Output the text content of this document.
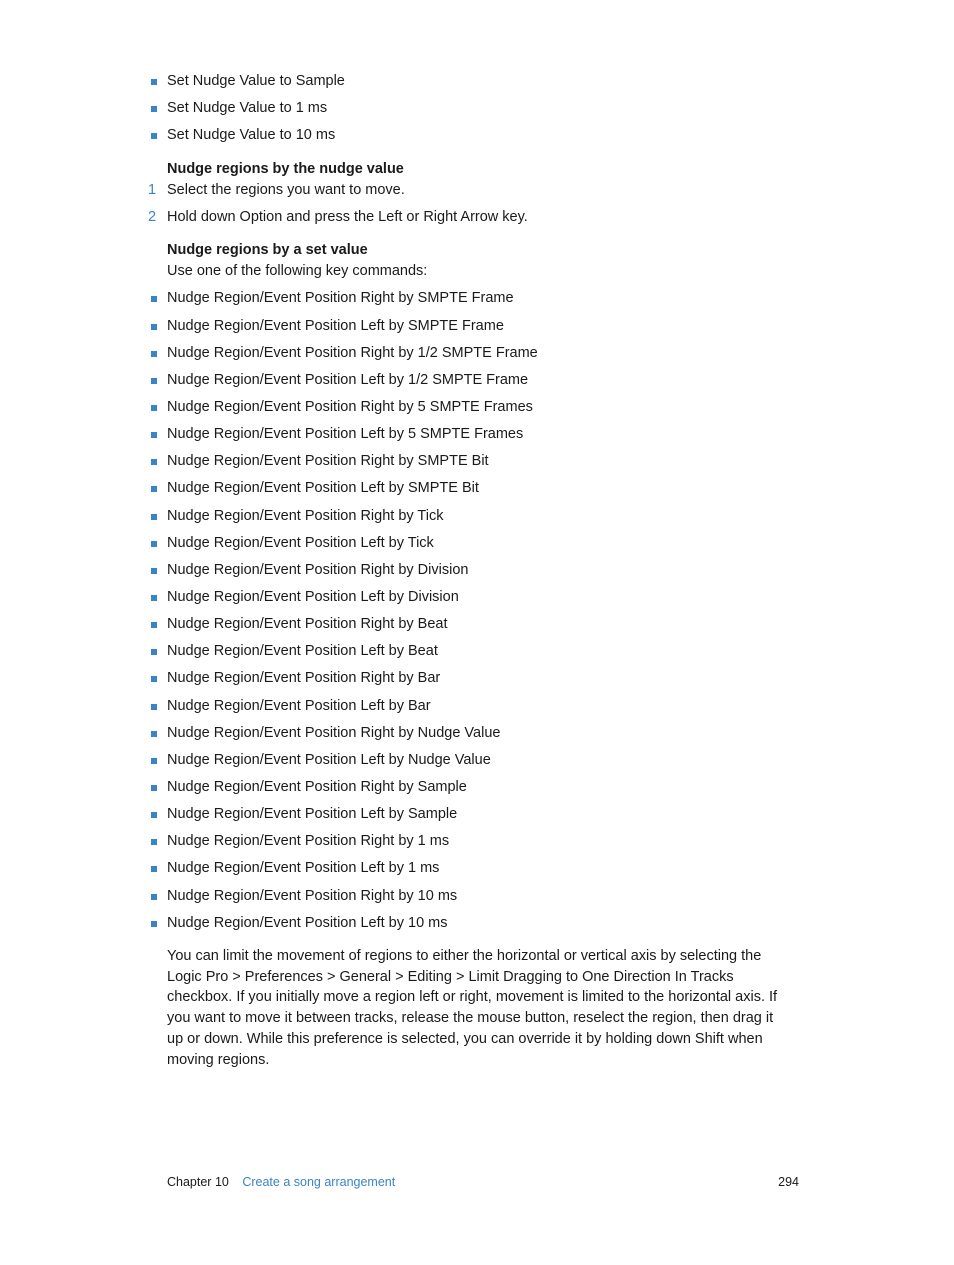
Set Nudge Value to Sample
Set Nudge Value to 1 ms
Set Nudge Value to 10 ms
Nudge regions by the nudge value
1 Select the regions you want to move.
2 Hold down Option and press the Left or Right Arrow key.
Nudge regions by a set value
Use one of the following key commands:
Nudge Region/Event Position Right by SMPTE Frame
Nudge Region/Event Position Left by SMPTE Frame
Nudge Region/Event Position Right by 1/2 SMPTE Frame
Nudge Region/Event Position Left by 1/2 SMPTE Frame
Nudge Region/Event Position Right by 5 SMPTE Frames
Nudge Region/Event Position Left by 5 SMPTE Frames
Nudge Region/Event Position Right by SMPTE Bit
Nudge Region/Event Position Left by SMPTE Bit
Nudge Region/Event Position Right by Tick
Nudge Region/Event Position Left by Tick
Nudge Region/Event Position Right by Division
Nudge Region/Event Position Left by Division
Nudge Region/Event Position Right by Beat
Nudge Region/Event Position Left by Beat
Nudge Region/Event Position Right by Bar
Nudge Region/Event Position Left by Bar
Nudge Region/Event Position Right by Nudge Value
Nudge Region/Event Position Left by Nudge Value
Nudge Region/Event Position Right by Sample
Nudge Region/Event Position Left by Sample
Nudge Region/Event Position Right by 1 ms
Nudge Region/Event Position Left by 1 ms
Nudge Region/Event Position Right by 10 ms
Nudge Region/Event Position Left by 10 ms

You can limit the movement of regions to either the horizontal or vertical axis by selecting the Logic Pro > Preferences > General > Editing > Limit Dragging to One Direction In Tracks checkbox. If you initially move a region left or right, movement is limited to the horizontal axis. If you want to move it between tracks, release the mouse button, reselect the region, then drag it up or down. While this preference is selected, you can override it by holding down Shift when moving regions.

Chapter 10 Create a song arrangement	294
